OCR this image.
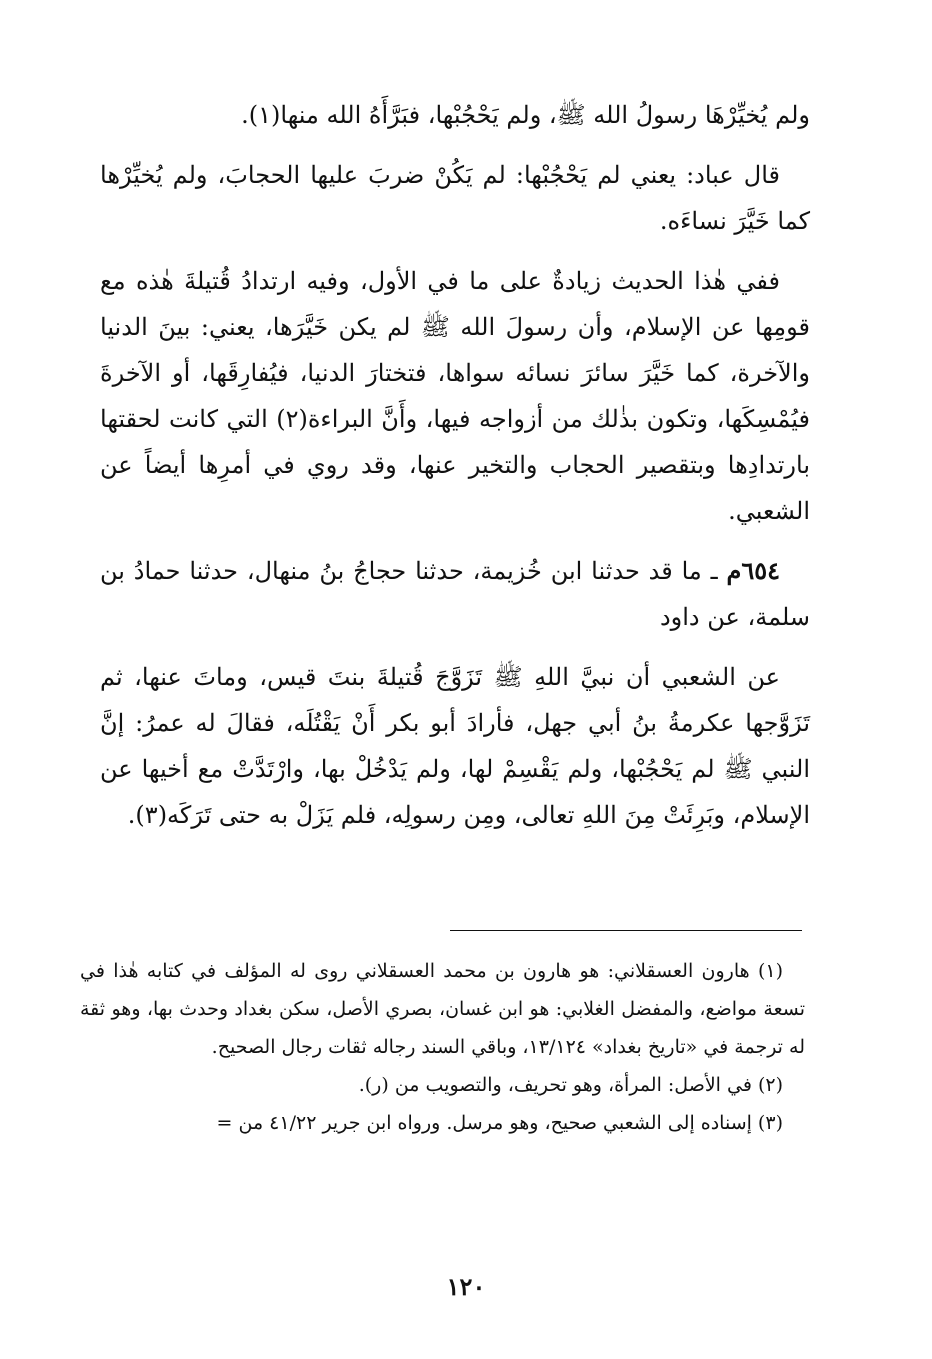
ولم يُخيِّرْهَا رسولُ الله ﷺ، ولم يَحْجُبْها، فبَرَّأَهُ الله منها(١).

قال عباد: يعني لم يَحْجُبْها: لم يَكُنْ ضربَ عليها الحجابَ، ولم يُخيِّرْها كما خَيَّرَ نساءَه.

ففي هٰذا الحديث زيادةٌ على ما في الأول، وفيه ارتدادُ قُتيلةَ هٰذه مع قومِها عن الإسلام، وأن رسولَ الله ﷺ لم يكن خَيَّرَها، يعني: بينَ الدنيا والآخرة، كما خَيَّرَ سائرَ نسائه سواها، فتختارَ الدنيا، فيُفارِقَها، أو الآخرةَ فيُمْسِكَها، وتكون بذٰلك من أزواجه فيها، وأَنَّ البراءة(٢) التي كانت لحقتها بارتدادِها وبتقصير الحجاب والتخير عنها، وقد روي في أمرِها أيضاً عن الشعبي.

٦٥٤م ـ ما قد حدثنا ابن خُزيمة، حدثنا حجاجُ بنُ منهال، حدثنا حمادُ بن سلمة، عن داود

عن الشعبي أن نبيَّ اللهِ ﷺ تَزَوَّجَ قُتيلةَ بنتَ قيس، وماتَ عنها، ثم تَزَوَّجها عكرمةُ بنُ أبي جهل، فأرادَ أبو بكر أَنْ يَقْتُلَه، فقالَ له عمرُ: إنَّ النبي ﷺ لم يَحْجُبْها، ولم يَقْسِمْ لها، ولم يَدْخُلْ بها، وارْتَدَّتْ مع أخيها عن الإسلام، وبَرِئَتْ مِنَ اللهِ تعالى، ومِن رسولِه، فلم يَزَلْ به حتى تَرَكَه(٣).

(١) هارون العسقلاني: هو هارون بن محمد العسقلاني روى له المؤلف في كتابه هٰذا في تسعة مواضع، والمفضل الغلابي: هو ابن غسان، بصري الأصل، سكن بغداد وحدث بها، وهو ثقة له ترجمة في «تاريخ بغداد» ١٣/١٢٤، وباقي السند رجاله ثقات رجال الصحيح.

(٢) في الأصل: المرأة، وهو تحريف، والتصويب من (ر).

(٣) إسناده إلى الشعبي صحيح، وهو مرسل. ورواه ابن جرير ٤١/٢٢ من =

١٢٠
